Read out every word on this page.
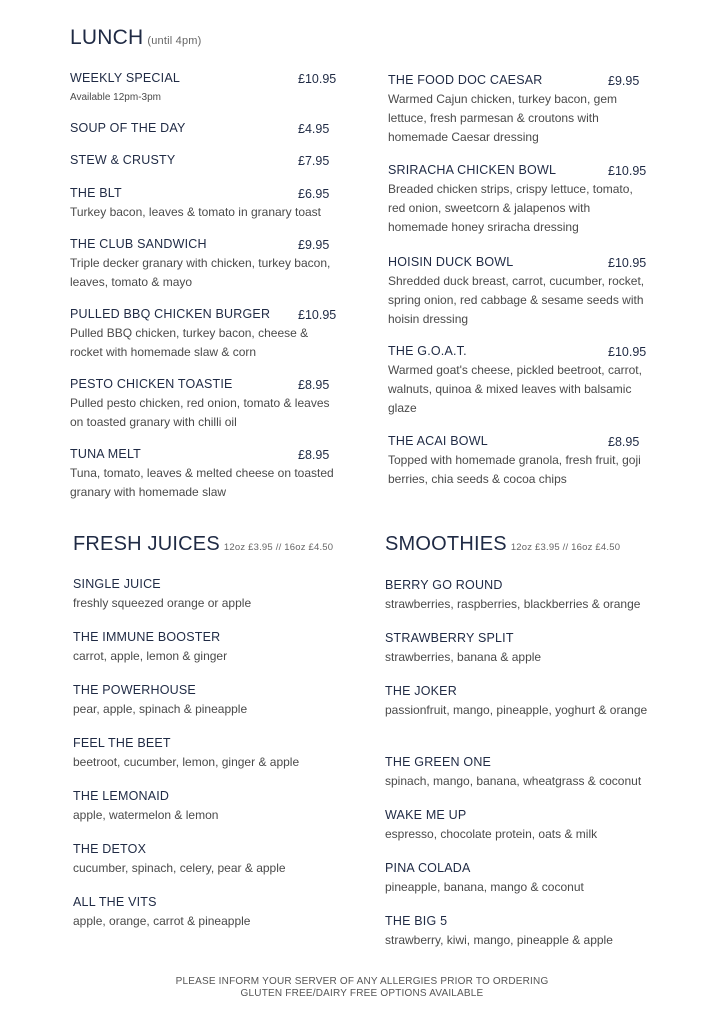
LUNCH (until 4pm)
FRESH JUICES 12oz £3.95 // 16oz £4.50	SMOOTHIES 12oz £3.95 // 16oz £4.50
WEEKLY SPECIAL	£10.95
Available 12pm-3pm
SOUP OF THE DAY	£4.95
STEW & CRUSTY	£7.95
THE BLT	£6.95
Turkey bacon, leaves & tomato in granary toast
THE CLUB SANDWICH	£9.95
Triple decker granary with chicken, turkey bacon, leaves, tomato & mayo
PULLED BBQ CHICKEN BURGER	£10.95
Pulled BBQ chicken, turkey bacon, cheese & rocket with homemade slaw & corn
PESTO CHICKEN TOASTIE	£8.95
Pulled pesto chicken, red onion, tomato & leaves on toasted granary with chilli oil
TUNA MELT	£8.95
Tuna, tomato, leaves & melted cheese on toasted granary with homemade slaw
THE FOOD DOC CAESAR	£9.95
Warmed Cajun chicken, turkey bacon, gem lettuce, fresh parmesan & croutons with homemade Caesar dressing
SRIRACHA CHICKEN BOWL	£10.95
Breaded chicken strips, crispy lettuce, tomato, red onion, sweetcorn & jalapenos with homemade honey sriracha dressing
HOISIN DUCK BOWL	£10.95
Shredded duck breast, carrot, cucumber, rocket, spring onion, red cabbage & sesame seeds with hoisin dressing
THE G.O.A.T.	£10.95
Warmed goat's cheese, pickled beetroot, carrot, walnuts, quinoa & mixed leaves with balsamic glaze
THE ACAI BOWL	£8.95
Topped with homemade granola, fresh fruit, goji berries, chia seeds & cocoa chips
SINGLE JUICE
freshly squeezed orange or apple
THE IMMUNE BOOSTER
carrot, apple, lemon & ginger
THE POWERHOUSE
pear, apple, spinach & pineapple
FEEL THE BEET
beetroot, cucumber, lemon, ginger & apple
THE LEMONAID
apple, watermelon & lemon
THE DETOX
cucumber, spinach, celery, pear & apple
ALL THE VITS
apple, orange, carrot & pineapple
BERRY GO ROUND
strawberries, raspberries, blackberries & orange
STRAWBERRY SPLIT
strawberries, banana & apple
THE JOKER
passionfruit, mango, pineapple, yoghurt & orange
THE GREEN ONE
spinach, mango, banana, wheatgrass & coconut
WAKE ME UP
espresso, chocolate protein, oats & milk
PINA COLADA
pineapple, banana, mango & coconut
THE BIG 5
strawberry, kiwi, mango, pineapple & apple
PLEASE INFORM YOUR SERVER OF ANY ALLERGIES PRIOR TO ORDERING
GLUTEN FREE/DAIRY FREE OPTIONS AVAILABLE
